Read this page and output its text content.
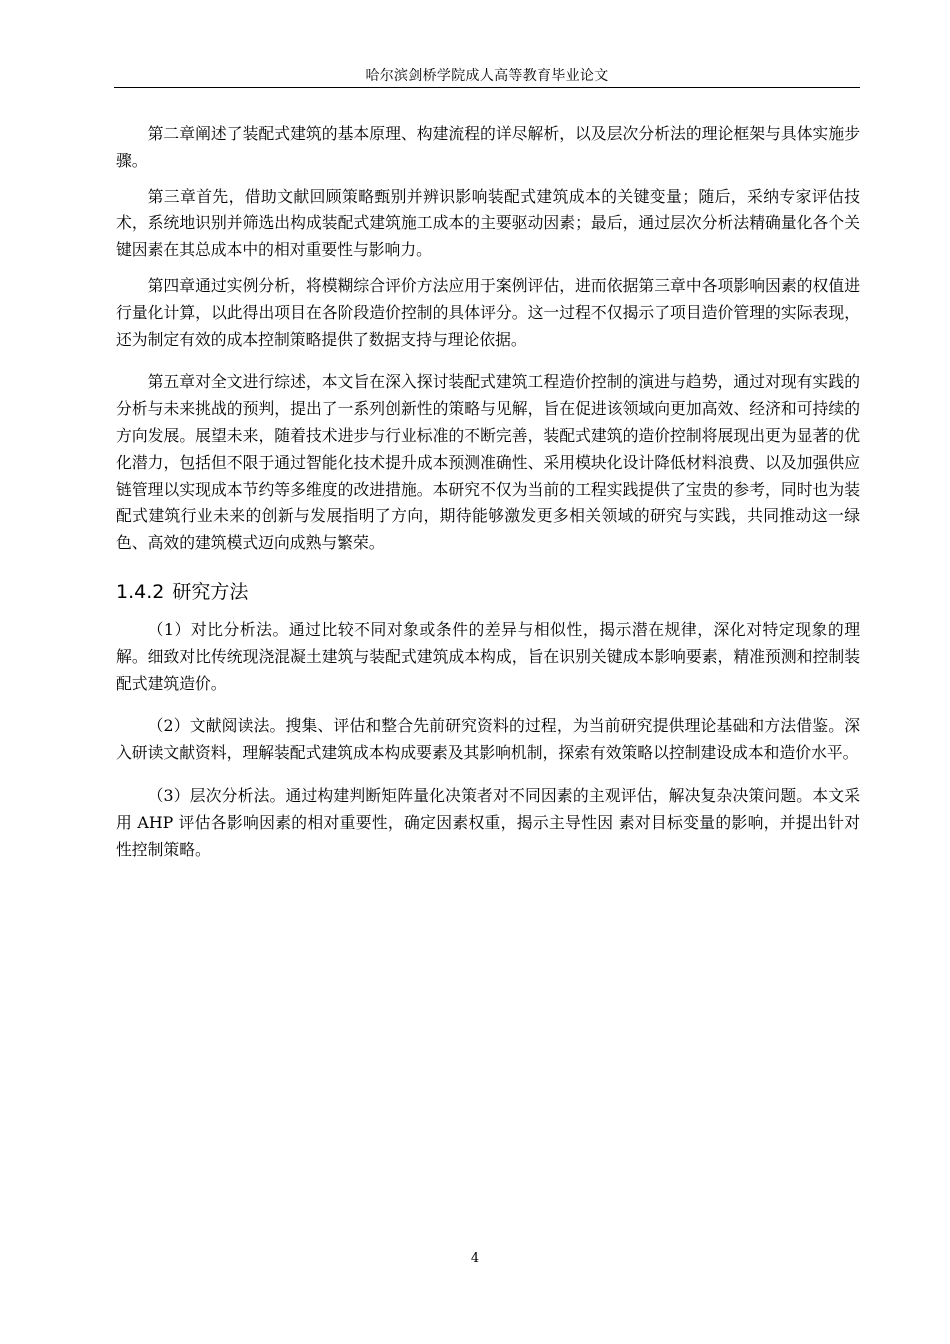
哈尔滨剑桥学院成人高等教育毕业论文

第二章阐述了装配式建筑的基本原理、构建流程的详尽解析，以及层次分析法的理论框架与具体实施步骤。

第三章首先，借助文献回顾策略甄别并辨识影响装配式建筑成本的关键变量；随后，采纳专家评估技术，系统地识别并筛选出构成装配式建筑施工成本的主要驱动因素；最后，通过层次分析法精确量化各个关键因素在其总成本中的相对重要性与影响力。

第四章通过实例分析，将模糊综合评价方法应用于案例评估，进而依据第三章中各项影响因素的权值进行量化计算，以此得出项目在各阶段造价控制的具体评分。这一过程不仅揭示了项目造价管理的实际表现，还为制定有效的成本控制策略提供了数据支持与理论依据。

第五章对全文进行综述，本文旨在深入探讨装配式建筑工程造价控制的演进与趋势，通过对现有实践的分析与未来挑战的预判，提出了一系列创新性的策略与见解，旨在促进该领域向更加高效、经济和可持续的方向发展。展望未来，随着技术进步与行业标准的不断完善，装配式建筑的造价控制将展现出更为显著的优化潜力，包括但不限于通过智能化技术提升成本预测准确性、采用模块化设计降低材料浪费、以及加强供应链管理以实现成本节约等多维度的改进措施。本研究不仅为当前的工程实践提供了宝贵的参考，同时也为装配式建筑行业未来的创新与发展指明了方向，期待能够激发更多相关领域的研究与实践，共同推动这一绿色、高效的建筑模式迈向成熟与繁荣。

1.4.2 研究方法

（1）对比分析法。通过比较不同对象或条件的差异与相似性，揭示潜在规律，深化对特定现象的理解。细致对比传统现浇混凝土建筑与装配式建筑成本构成，旨在识别关键成本影响要素，精准预测和控制装配式建筑造价。

（2）文献阅读法。搜集、评估和整合先前研究资料的过程，为当前研究提供理论基础和方法借鉴。深入研读文献资料，理解装配式建筑成本构成要素及其影响机制，探索有效策略以控制建设成本和造价水平。

（3）层次分析法。通过构建判断矩阵量化决策者对不同因素的主观评估，解决复杂决策问题。本文采用 AHP 评估各影响因素的相对重要性，确定因素权重，揭示主导性因 素对目标变量的影响，并提出针对性控制策略。

4
